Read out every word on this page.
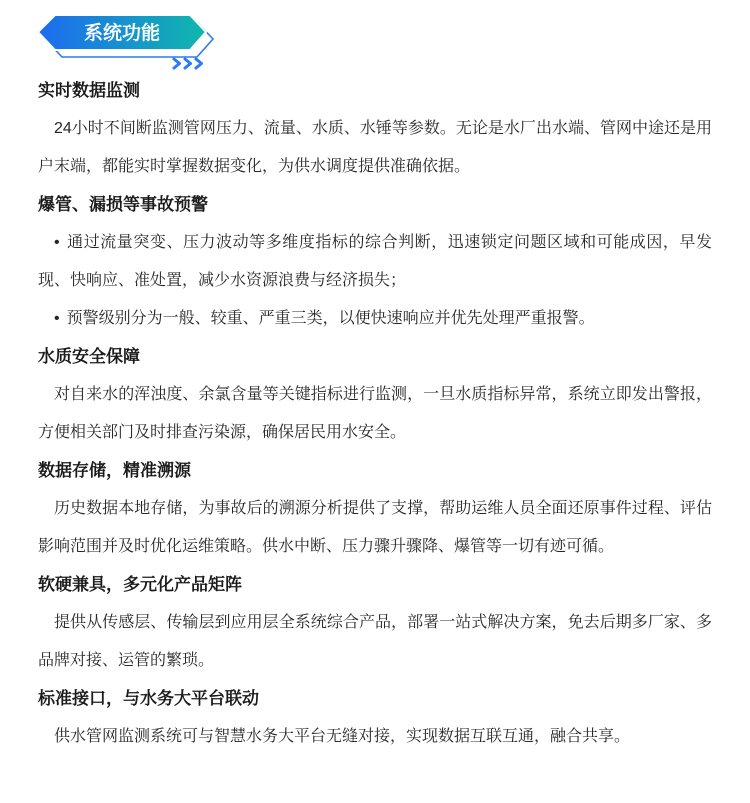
系统功能
实时数据监测

24小时不间断监测管网压力、流量、水质、水锤等参数。无论是水厂出水端、管网中途还是用户末端，都能实时掌握数据变化，为供水调度提供准确依据。

爆管、漏损等事故预警

• 通过流量突变、压力波动等多维度指标的综合判断，迅速锁定问题区域和可能成因，早发现、快响应、准处置，减少水资源浪费与经济损失；

• 预警级别分为一般、较重、严重三类，以便快速响应并优先处理严重报警。

水质安全保障

对自来水的浑浊度、余氯含量等关键指标进行监测，一旦水质指标异常，系统立即发出警报，方便相关部门及时排查污染源，确保居民用水安全。

数据存储，精准溯源

历史数据本地存储，为事故后的溯源分析提供了支撑，帮助运维人员全面还原事件过程、评估影响范围并及时优化运维策略。供水中断、压力骤升骤降、爆管等一切有迹可循。

软硬兼具，多元化产品矩阵

提供从传感层、传输层到应用层全系统综合产品，部署一站式解决方案，免去后期多厂家、多品牌对接、运管的繁琐。

标准接口，与水务大平台联动

供水管网监测系统可与智慧水务大平台无缝对接，实现数据互联互通，融合共享。
